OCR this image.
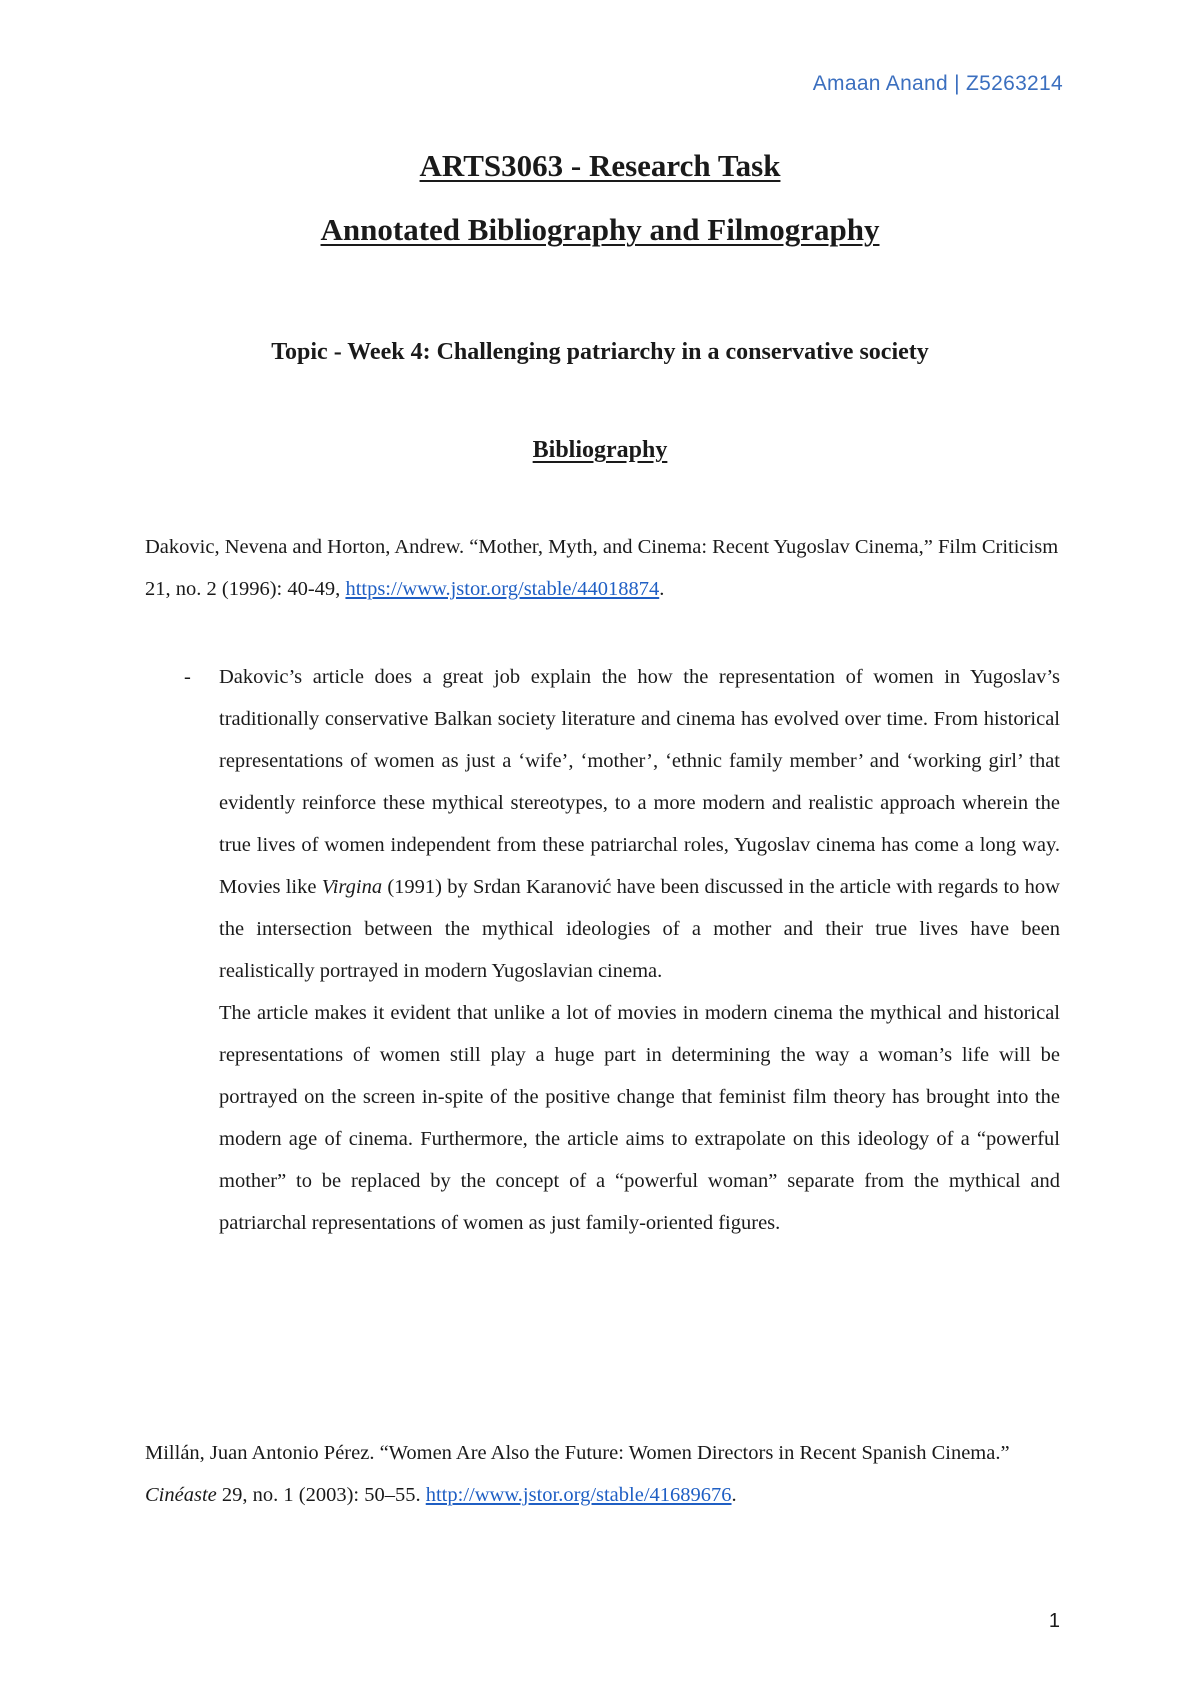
Amaan Anand | Z5263214
ARTS3063 - Research Task
Annotated Bibliography and Filmography
Topic - Week 4: Challenging patriarchy in a conservative society
Bibliography
Dakovic, Nevena and Horton, Andrew. “Mother, Myth, and Cinema: Recent Yugoslav Cinema,” Film Criticism 21, no. 2 (1996): 40-49, https://www.jstor.org/stable/44018874.
- Dakovic’s article does a great job explain the how the representation of women in Yugoslav’s traditionally conservative Balkan society literature and cinema has evolved over time. From historical representations of women as just a ‘wife’, ‘mother’, ‘ethnic family member’ and ‘working girl’ that evidently reinforce these mythical stereotypes, to a more modern and realistic approach wherein the true lives of women independent from these patriarchal roles, Yugoslav cinema has come a long way. Movies like Virgina (1991) by Srdan Karanović have been discussed in the article with regards to how the intersection between the mythical ideologies of a mother and their true lives have been realistically portrayed in modern Yugoslavian cinema.

The article makes it evident that unlike a lot of movies in modern cinema the mythical and historical representations of women still play a huge part in determining the way a woman’s life will be portrayed on the screen in-spite of the positive change that feminist film theory has brought into the modern age of cinema. Furthermore, the article aims to extrapolate on this ideology of a “powerful mother” to be replaced by the concept of a “powerful woman” separate from the mythical and patriarchal representations of women as just family-oriented figures.

Millán, Juan Antonio Pérez. “Women Are Also the Future: Women Directors in Recent Spanish Cinema.” Cinéaste 29, no. 1 (2003): 50–55. http://www.jstor.org/stable/41689676.
1
